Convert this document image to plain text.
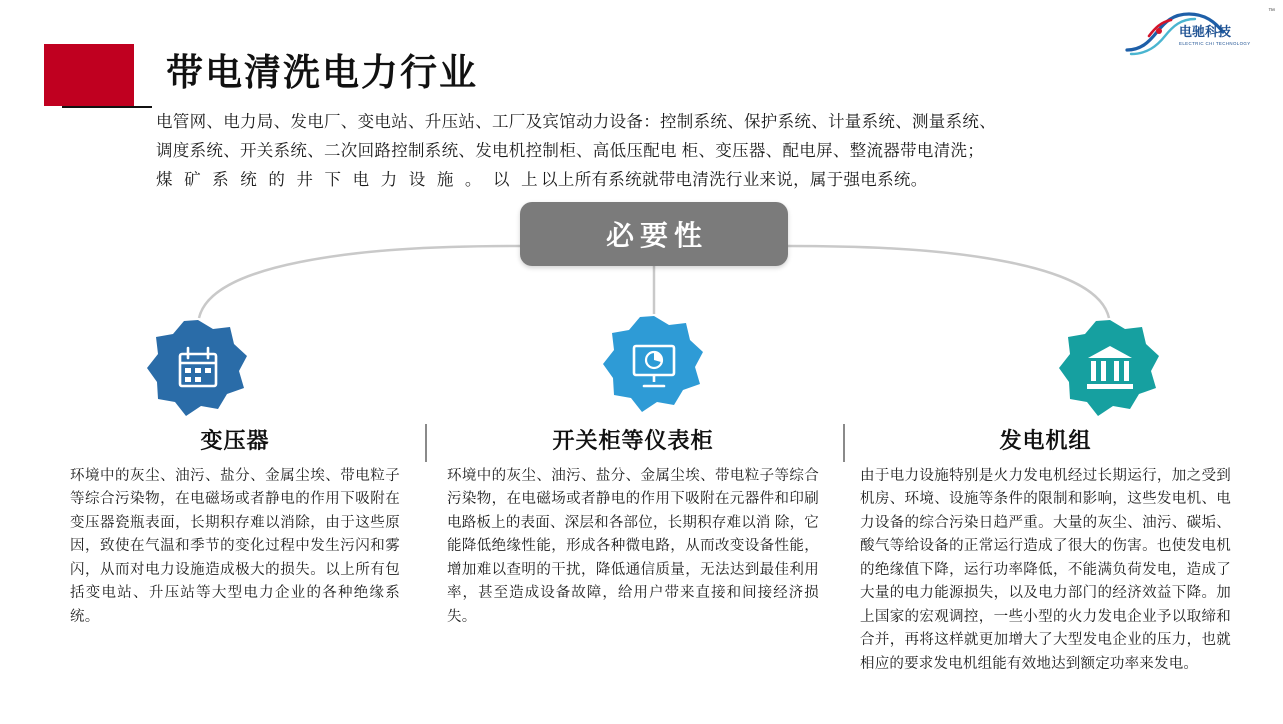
电驰科技
ELECTRIC CHI TECHNOLOGY
™
带电清洗电力行业
电管网、电力局、发电厂、变电站、升压站、工厂及宾馆动力设备：控制系统、保护系统、计量系统、测量系统、
调度系统、开关系统、二次回路控制系统、发电机控制柜、高低压配电 柜、变压器、配电屏、整流器带电清洗；
煤 矿 系 统 的 井 下 电 力 设 施 。 以 上以上所有系统就带电清洗行业来说，属于强电系统。
必要性
变压器
环境中的灰尘、油污、盐分、金属尘埃、带电粒子等综合污染物，在电磁场或者静电的作用下吸附在变压器瓷瓶表面，长期积存难以消除，由于这些原因，致使在气温和季节的变化过程中发生污闪和雾闪，从而对电力设施造成极大的损失。以上所有包括变电站、升压站等大型电力企业的各种绝缘系统。
开关柜等仪表柜
环境中的灰尘、油污、盐分、金属尘埃、带电粒子等综合污染物，在电磁场或者静电的作用下吸附在元器件和印刷电路板上的表面、深层和各部位，长期积存难以消 除，它能降低绝缘性能，形成各种微电路，从而改变设备性能，增加难以查明的干扰，降低通信质量，无法达到最佳利用率，甚至造成设备故障，给用户带来直接和间接经济损失。
发电机组
由于电力设施特别是火力发电机经过长期运行，加之受到机房、环境、设施等条件的限制和影响，这些发电机、电力设备的综合污染日趋严重。大量的灰尘、油污、碳垢、 酸气等给设备的正常运行造成了很大的伤害。也使发电机的绝缘值下降，运行功率降低，不能满负荷发电，造成了大量的电力能源损失，以及电力部门的经济效益下降。加上国家的宏观调控，一些小型的火力发电企业予以取缔和合并，再将这样就更加增大了大型发电企业的压力，也就相应的要求发电机组能有效地达到额定功率来发电。
